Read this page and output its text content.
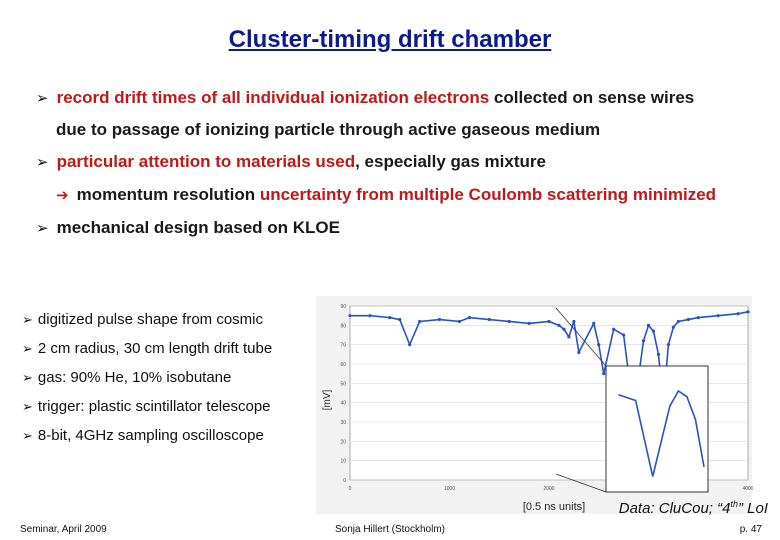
Cluster-timing drift chamber
➢ record drift times of all individual ionization electrons collected on sense wires
due to passage of ionizing particle through active gaseous medium
➢ particular attention to materials used, especially gas mixture
➔ momentum resolution uncertainty from multiple Coulomb scattering minimized
➢ mechanical design based on KLOE
➢ digitized pulse shape from cosmic
➢ 2 cm radius, 30 cm length drift tube
➢ gas: 90% He, 10% isobutane
➢ trigger: plastic scintillator telescope
➢ 8-bit, 4GHz sampling oscilloscope
90
80
70
60
50
40
30
20
10
0
0	1000	2000	4000
[mV]
[0.5 ns units] Data: CluCou; “4th” LoI
Seminar, April 2009	Sonja Hillert (Stockholm)	p. 47
